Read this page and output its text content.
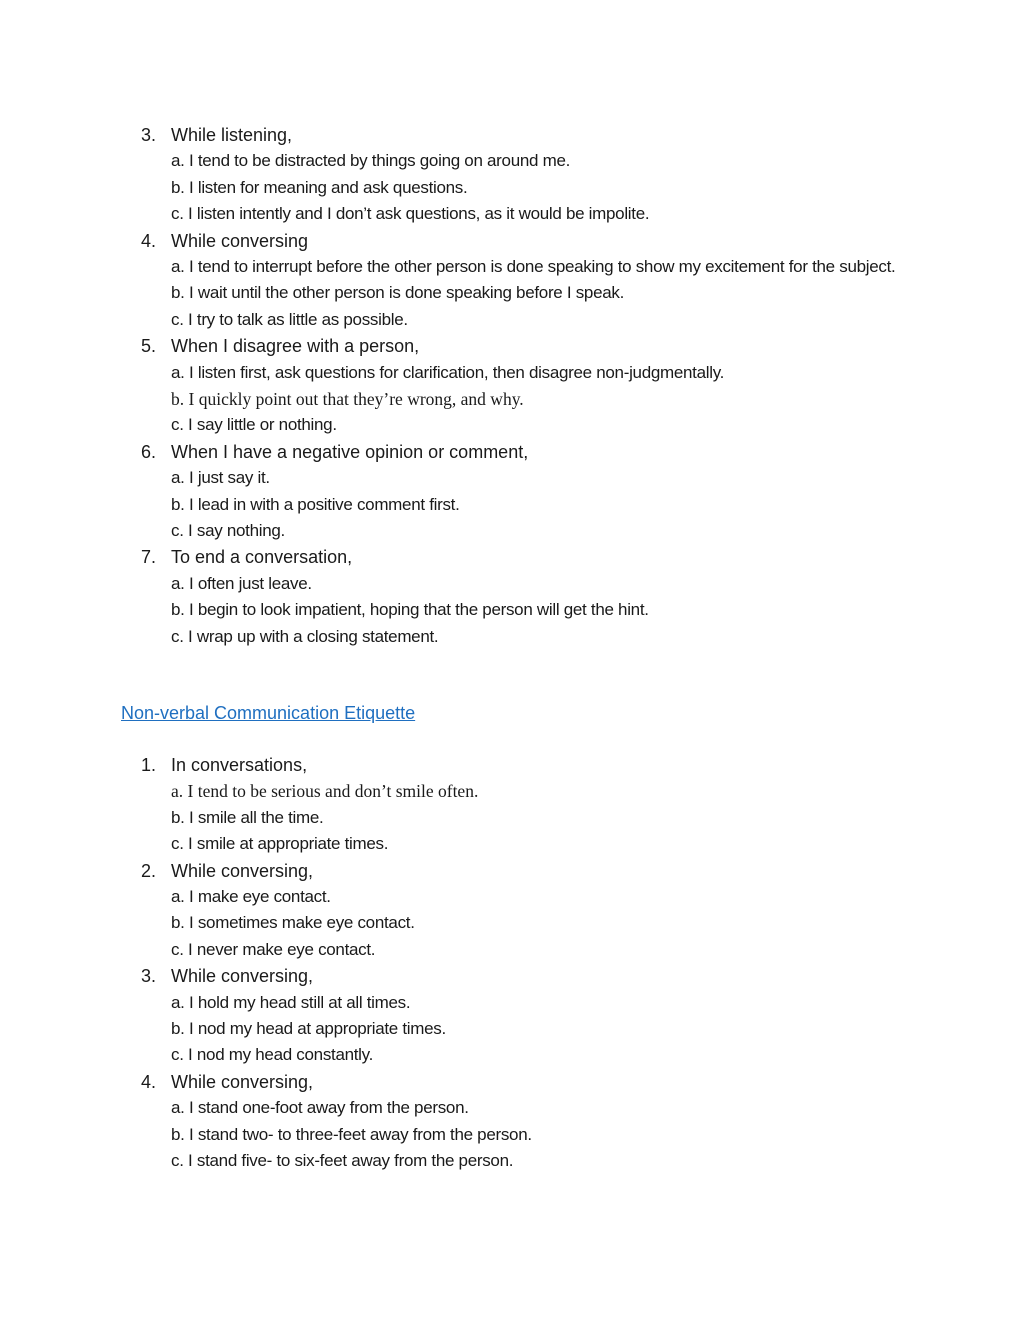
3. While listening,
a. I tend to be distracted by things going on around me.
b. I listen for meaning and ask questions.
c. I listen intently and I don’t ask questions, as it would be impolite.
4. While conversing
a. I tend to interrupt before the other person is done speaking to show my excitement for the subject.
b. I wait until the other person is done speaking before I speak.
c. I try to talk as little as possible.
5. When I disagree with a person,
a. I listen first, ask questions for clarification, then disagree non-judgmentally.
b. I quickly point out that they’re wrong, and why.
c. I say little or nothing.
6. When I have a negative opinion or comment,
a. I just say it.
b. I lead in with a positive comment first.
c. I say nothing.
7. To end a conversation,
a. I often just leave.
b. I begin to look impatient, hoping that the person will get the hint.
c. I wrap up with a closing statement.
Non-verbal Communication Etiquette
1. In conversations,
a. I tend to be serious and don’t smile often.
b. I smile all the time.
c. I smile at appropriate times.
2. While conversing,
a. I make eye contact.
b. I sometimes make eye contact.
c. I never make eye contact.
3. While conversing,
a. I hold my head still at all times.
b. I nod my head at appropriate times.
c. I nod my head constantly.
4. While conversing,
a. I stand one-foot away from the person.
b. I stand two- to three-feet away from the person.
c. I stand five- to six-feet away from the person.
